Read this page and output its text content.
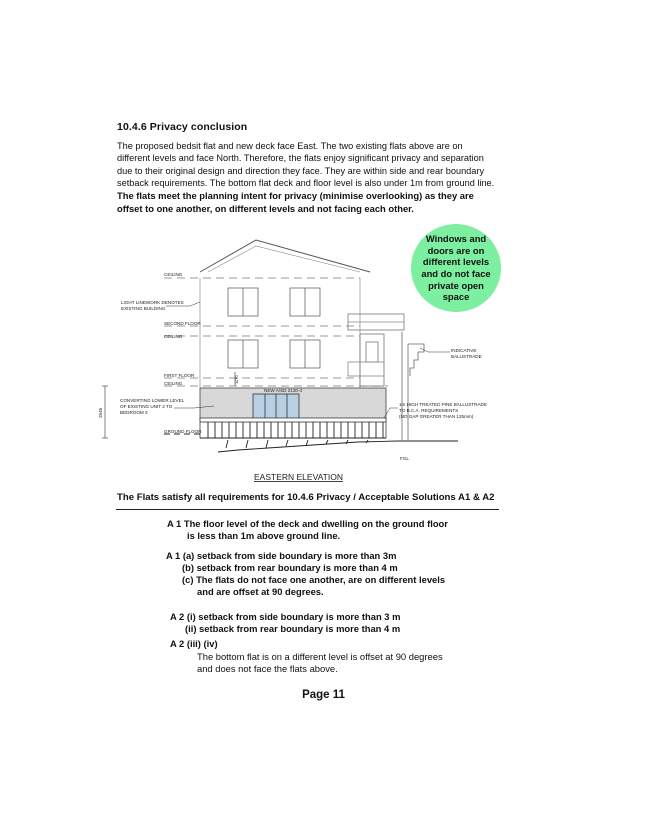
10.4.6 Privacy conclusion
The proposed bedsit flat and new deck face East. The two existing flats above are on
different levels and face North. Therefore, the flats enjoy significant privacy and separation
due to their original design and direction they face. They are within side and rear boundary
setback requirements. The bottom flat deck and floor level is also under 1m from ground line.
The flats meet the planning intent for privacy (minimise overlooking) as they are
offset to one another, on different levels and not facing each other.
CEILING
LIGHT LINEWORK DENOTES
EXISTING BUILDING
SECOND FLOOR
CEILING
FIRST FLOOR
CEILING
CONVERTING LOWER LEVEL
OF EXISTING UNIT 2 TO
BEDROOM 3
GROUND FLOOR
NEW A/SD 2130-4
INDICATIVE
BALUSTRADE
1m HIGH TREATED PINE BALLUSTRADE
TO B.C.A. REQUIREMENTS
(NO GAP GREATER THAN 125mm)
FGL
2545
1170
EASTERN ELEVATION
Windows and
doors are on
different levels
and do not face
private open
space
The Flats satisfy all requirements for 10.4.6 Privacy / Acceptable Solutions A1 & A2
A 1 The floor level of the deck and dwelling on the ground floor
is less than 1m above ground line.
A 1 (a) setback from side boundary is more than 3m
(b) setback from rear boundary is more than 4 m
(c) The flats do not face one another, are on different levels
and are offset at 90 degrees.
A 2 (i) setback from side boundary is more than 3 m
(ii) setback from rear boundary is more than 4 m
A 2 (iii) (iv)
The bottom flat is on a different level is offset at 90 degrees
and does not face the flats above.
Page 11
